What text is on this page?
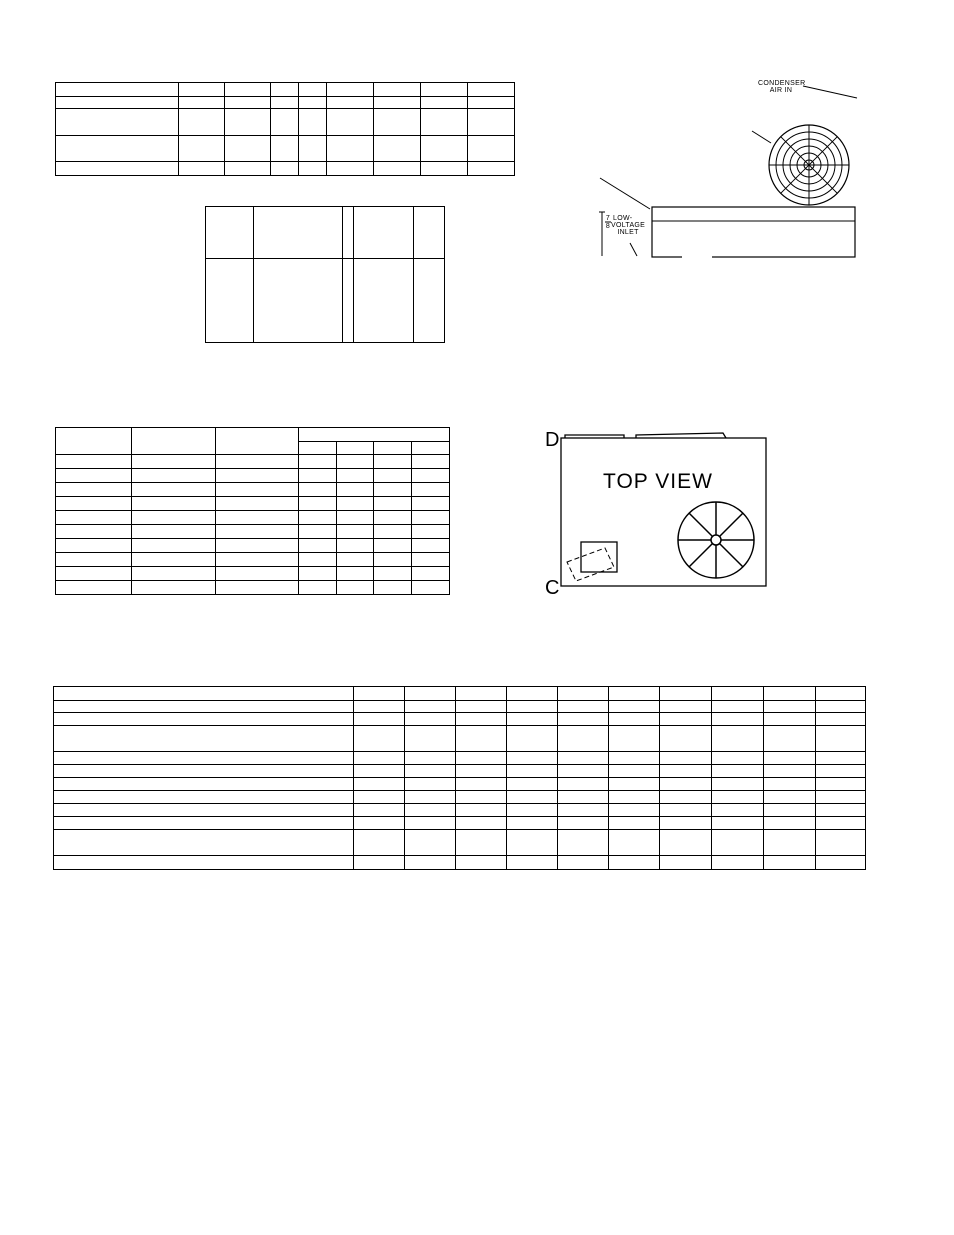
CONDENSER
AIR IN
7
8
LOW-
VOLTAGE
INLET
TOP VIEW
D
C
